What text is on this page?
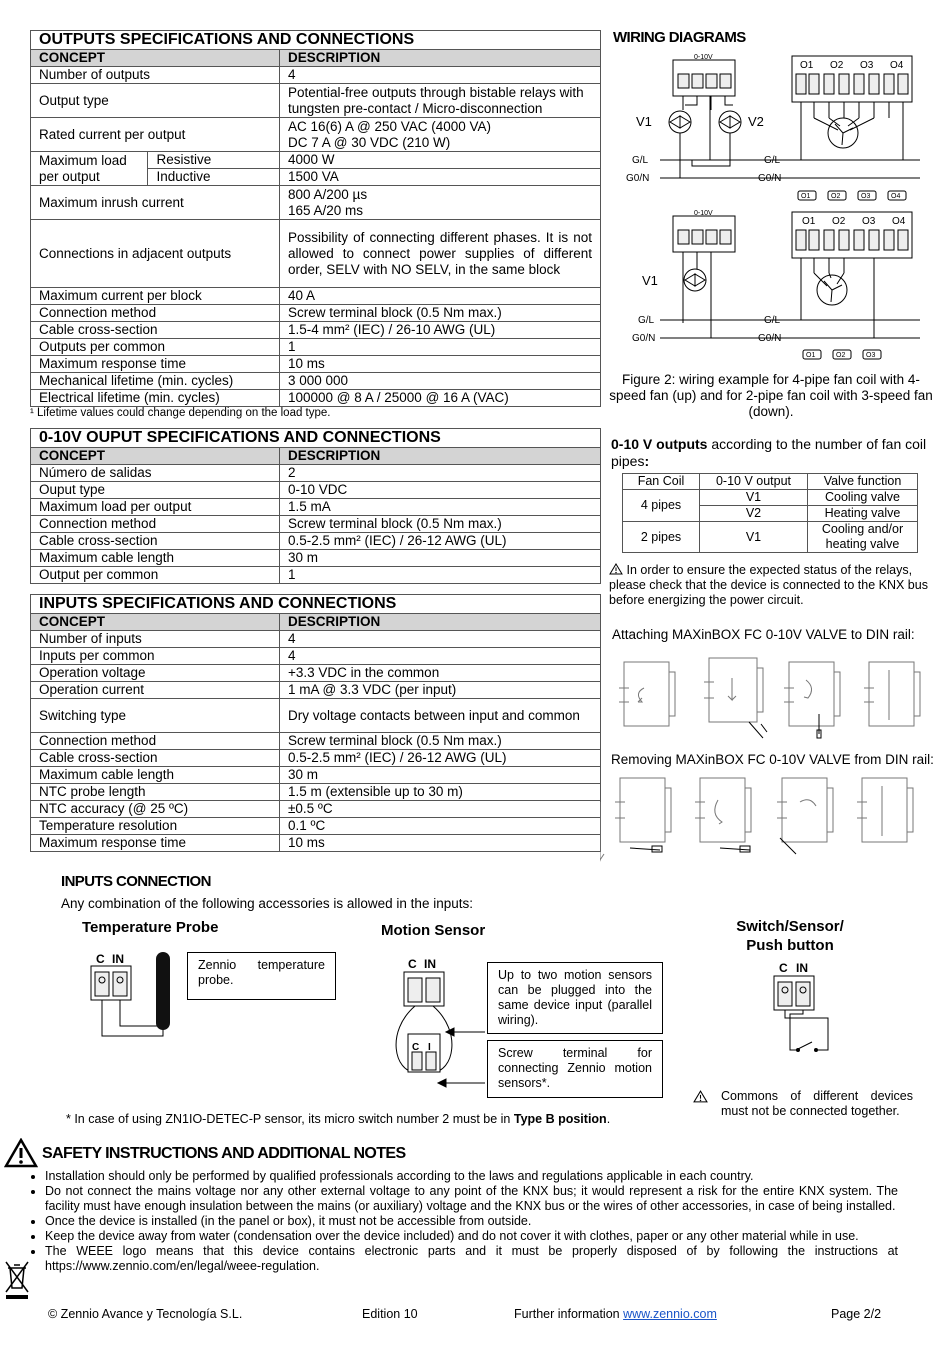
OUTPUTS SPECIFICATIONS AND CONNECTIONS		
CONCEPT		DESCRIPTION
Number of outputs		4
Output type		Potential-free outputs through bistable relays with tungsten pre-contact / Micro-disconnection
Rated current per output		AC 16(6) A @ 250 VAC (4000 VA)
DC 7 A @ 30 VDC (210 W)

Maximum load per output	Resistive	4000 W
	Inductive	1500 VA
Maximum inrush current		800 A/200 µs
165 A/20 ms

Connections in adjacent outputs		Possibility of connecting different phases. It is not allowed to connect power supplies of different order, SELV with NO SELV, in the same block
Maximum current per block		40 A
Connection method		Screw terminal block (0.5 Nm max.)
Cable cross-section		1.5-4 mm² (IEC) / 26-10 AWG (UL)
Outputs per common		1
Maximum response time		10 ms
Mechanical lifetime (min. cycles)		3 000 000
Electrical lifetime (min. cycles)		100000 @ 8 A / 25000 @ 16 A (VAC)
¹ Lifetime values could change depending on the load type.
0-10V OUPUT SPECIFICATIONS AND CONNECTIONS	
CONCEPT	DESCRIPTION
Número de salidas	2
Ouput type	0-10 VDC
Maximum load per output	1.5 mA
Connection method	Screw terminal block (0.5 Nm max.)
Cable cross-section	0.5-2.5 mm² (IEC) / 26-12 AWG (UL)
Maximum cable length	30 m
Output per common	1
INPUTS SPECIFICATIONS AND CONNECTIONS	
CONCEPT	DESCRIPTION
Number of inputs	4
Inputs per common	4
Operation voltage	+3.3 VDC in the common
Operation current	1 mA @ 3.3 VDC (per input)
Switching type	Dry voltage contacts between input and common
Connection method	Screw terminal block (0.5 Nm max.)
Cable cross-section	0.5-2.5 mm² (IEC) / 26-12 AWG (UL)
Maximum cable length	30 m
NTC probe length	1.5 m (extensible up to 30 m)
NTC accuracy (@ 25 ºC)	±0.5 ºC
Temperature resolution	0.1 ºC
Maximum response time	10 ms
WIRING DIAGRAMS
0-10V
V1	V2
G/L
G0/N
G/L
G0/N
O1 O2 O3 O4
O1	O2	O3	O4
0-10V
V1
G/L
G0/N
G/L
G0/N
O1 O2 O3 O4
O1	O2	O3
Figure 2: wiring example for 4-pipe fan coil with 4-speed fan (up) and for 2-pipe fan coil with 3-speed fan (down).
0-10 V outputs according to the number of fan coil pipes:
Fan Coil	0-10 V output	Valve function
4 pipes	V1	Cooling valve
	V2	Heating valve
2 pipes	V1	Cooling and/or heating valve
In order to ensure the expected status of the relays, please check that the device is connected to the KNX bus before energizing the power circuit.
Attaching MAXinBOX FC 0-10V VALVE to DIN rail:
Removing MAXinBOX FC 0-10V VALVE from DIN rail:
INPUTS CONNECTION
Any combination of the following accessories is allowed in the inputs:
Temperature Probe
C IN	Zennio temperature probe.
Motion Sensor
C IN
C I
Up to two motion sensors can be plugged into the same device input (parallel wiring).
Screw terminal for connecting Zennio motion sensors*.
Switch/Sensor/
Push button
C IN
Commons of different devices must not be connected together.
* In case of using ZN1IO-DETEC-P sensor, its micro switch number 2 must be in Type B position.
SAFETY INSTRUCTIONS AND ADDITIONAL NOTES
• Installation should only be performed by qualified professionals according to the laws and regulations applicable in each country.
• Do not connect the mains voltage nor any other external voltage to any point of the KNX bus; it would represent a risk for the entire KNX system. The facility must have enough insulation between the mains (or auxiliary) voltage and the KNX bus or the wires of other accessories, in case of being installed.
• Once the device is installed (in the panel or box), it must not be accessible from outside.
• Keep the device away from water (condensation over the device included) and do not cover it with clothes, paper or any other material while in use.
• The WEEE logo means that this device contains electronic parts and it must be properly disposed of by following the instructions at https://www.zennio.com/en/legal/weee-regulation.
© Zennio Avance y Tecnología S.L.	Edition 10	Further information www.zennio.com	Page 2/2
